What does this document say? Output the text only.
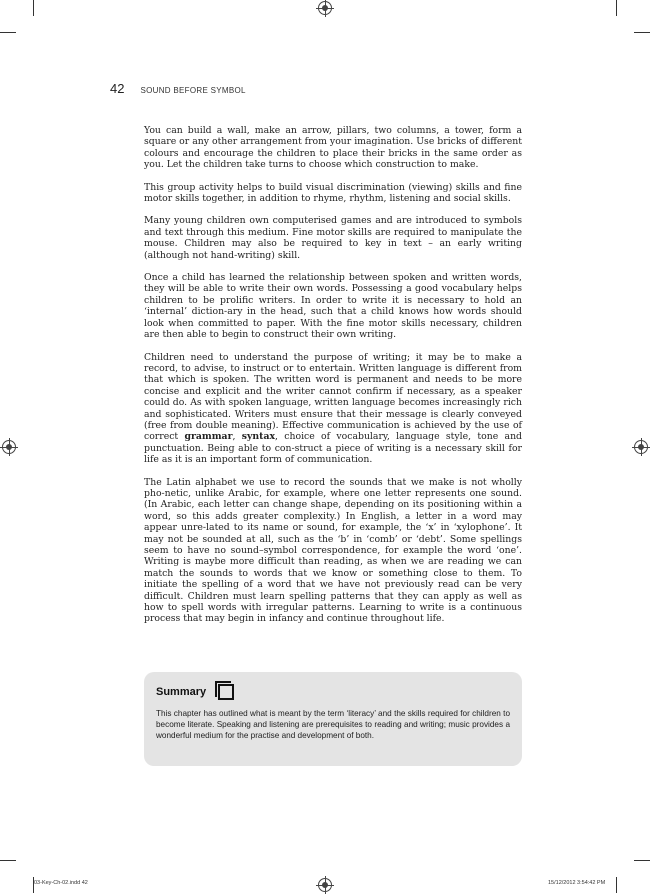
42 SOUND BEFORE SYMBOL

You can build a wall, make an arrow, pillars, two columns, a tower, form a square or any other arrangement from your imagination. Use bricks of different colours and encourage the children to place their bricks in the same order as you. Let the children take turns to choose which construction to make.

This group activity helps to build visual discrimination (viewing) skills and fine motor skills together, in addition to rhyme, rhythm, listening and social skills.

Many young children own computerised games and are introduced to symbols and text through this medium. Fine motor skills are required to manipulate the mouse. Children may also be required to key in text – an early writing (although not hand-writing) skill.

Once a child has learned the relationship between spoken and written words, they will be able to write their own words. Possessing a good vocabulary helps children to be prolific writers. In order to write it is necessary to hold an ‘internal’ diction-ary in the head, such that a child knows how words should look when committed to paper. With the fine motor skills necessary, children are then able to begin to construct their own writing.

Children need to understand the purpose of writing; it may be to make a record, to advise, to instruct or to entertain. Written language is different from that which is spoken. The written word is permanent and needs to be more concise and explicit and the writer cannot confirm if necessary, as a speaker could do. As with spoken language, written language becomes increasingly rich and sophisticated. Writers must ensure that their message is clearly conveyed (free from double meaning). Effective communication is achieved by the use of correct grammar, syntax, choice of vocabulary, language style, tone and punctuation. Being able to con-struct a piece of writing is a necessary skill for life as it is an important form of communication.

The Latin alphabet we use to record the sounds that we make is not wholly pho-netic, unlike Arabic, for example, where one letter represents one sound. (In Arabic, each letter can change shape, depending on its positioning within a word, so this adds greater complexity.) In English, a letter in a word may appear unre-lated to its name or sound, for example, the ‘x’ in ‘xylophone’. It may not be sounded at all, such as the ‘b’ in ‘comb’ or ‘debt’. Some spellings seem to have no sound–symbol correspondence, for example the word ‘one’. Writing is maybe more difficult than reading, as when we are reading we can match the sounds to words that we know or something close to them. To initiate the spelling of a word that we have not previously read can be very difficult. Children must learn spelling patterns that they can apply as well as how to spell words with irregular patterns. Learning to write is a continuous process that may begin in infancy and continue throughout life.

Summary

This chapter has outlined what is meant by the term ‘literacy’ and the skills required for children to become literate. Speaking and listening are prerequisites to reading and writing; music provides a wonderful medium for the practise and development of both.

03-Key-Ch-02.indd 42	15/12/2012 3:54:42 PM
